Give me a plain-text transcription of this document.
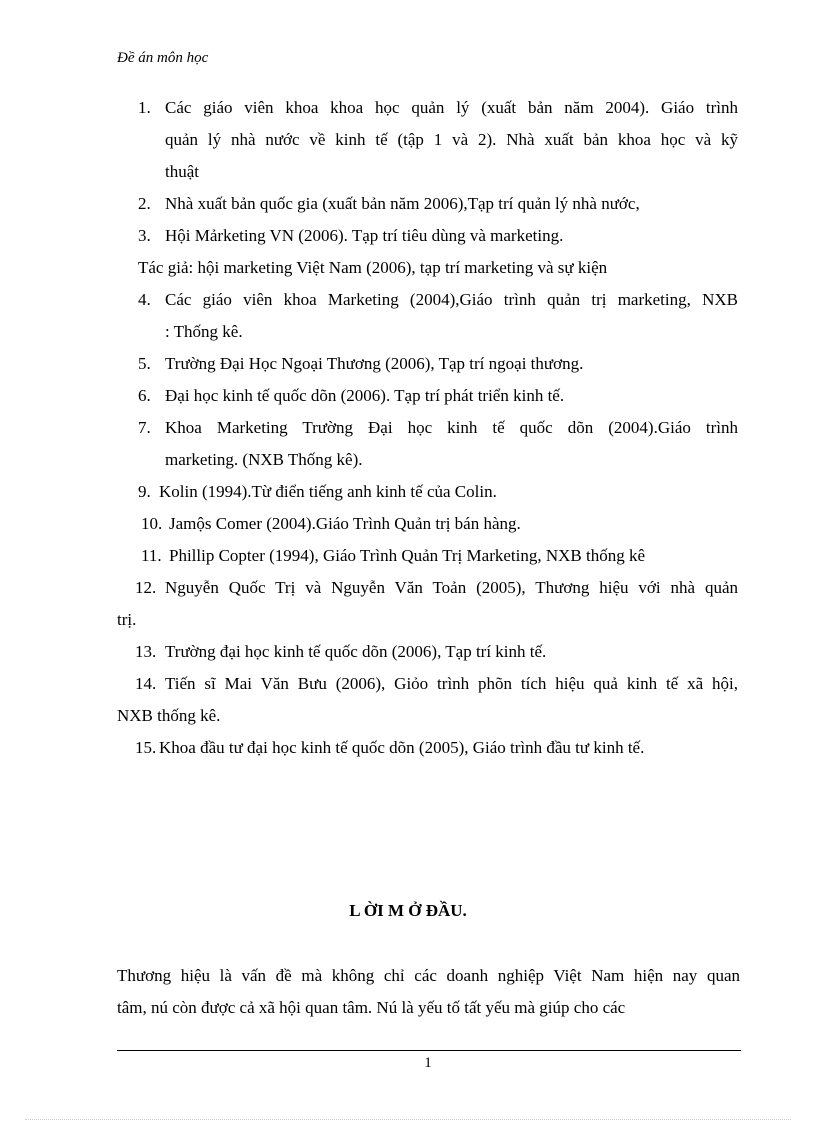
Đề án môn học
1. Các giáo viên khoa khoa học quản lý (xuất bản năm 2004). Giáo trình
quản lý nhà nước về kinh tế (tập 1 và 2). Nhà xuất bản khoa học và kỹ
thuật
2. Nhà xuất bản quốc gia (xuất bản năm 2006),Tạp trí quản lý nhà nước,
3. Hội Mảrketing VN (2006). Tạp trí tiêu dùng và marketing.
Tác giả: hội marketing Việt Nam (2006), tạp trí marketing và sự kiện
4. Các giáo viên khoa Marketing (2004),Giáo trình quản trị marketing, NXB
: Thống kê.
5. Trường Đại Học Ngoại Thương (2006), Tạp trí ngoại thương.
6. Đại học kinh tế quốc dõn (2006). Tạp trí phát triển kinh tế.
7. Khoa Marketing Trường Đại học kinh tế quốc dõn (2004).Giáo trình
marketing. (NXB Thống kê).
9. Kolin (1994).Từ điển tiếng anh kinh tế của Colin.
10. Jamộs Comer (2004).Giáo Trình Quản trị bán hàng.
11. Phillip Copter (1994), Giáo Trình Quản Trị Marketing, NXB thống kê
12. Nguyễn Quốc Trị và Nguyễn Văn Toản (2005), Thương hiệu với nhà quản
trị.
13. Trường đại học kinh tế quốc dõn (2006), Tạp trí kinh tế.
14. Tiến sĩ Mai Văn Bưu (2006), Giỏo trình phõn tích hiệu quả kinh tế xã hội,
NXB thống kê.
15. Khoa đầu tư đại học kinh tế quốc dõn (2005), Giáo trình đầu tư kinh tế.
L ỜI M Ở ĐẦU.
Thương hiệu là vấn đề mà không chỉ các doanh nghiệp Việt Nam hiện nay quan
tâm, nú còn được cả xã hội quan tâm. Nú là yếu tố tất yếu mà giúp cho các
1
